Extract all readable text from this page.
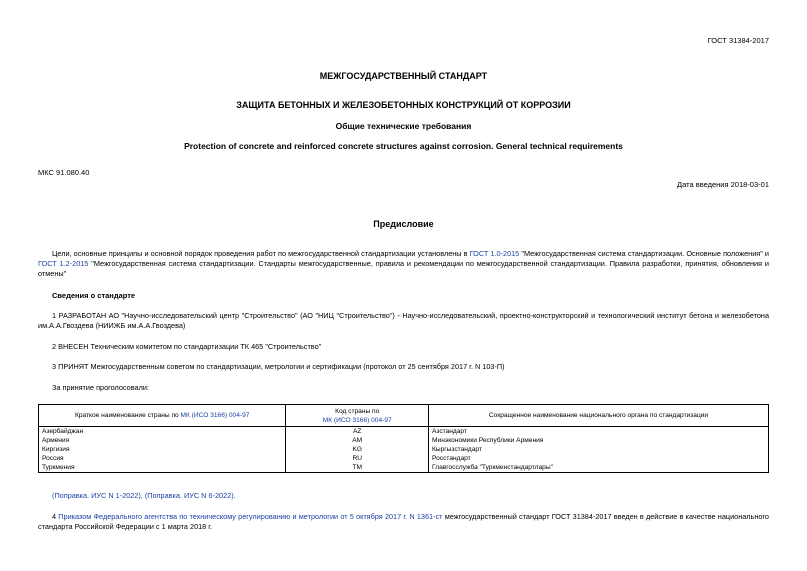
ГОСТ 31384-2017
МЕЖГОСУДАРСТВЕННЫЙ СТАНДАРТ
ЗАЩИТА БЕТОННЫХ И ЖЕЛЕЗОБЕТОННЫХ КОНСТРУКЦИЙ ОТ КОРРОЗИИ
Общие технические требования
Protection of concrete and reinforced concrete structures against corrosion. General technical requirements
МКС 91.080.40
Дата введения 2018-03-01
Предисловие
Цели, основные принципы и основной порядок проведения работ по межгосударственной стандартизации установлены в ГОСТ 1.0-2015 "Межгосударственная система стандартизации. Основные положения" и ГОСТ 1.2-2015 "Межгосударственная система стандартизации. Стандарты межгосударственные, правила и рекомендации по межгосударственной стандартизации. Правила разработки, принятия, обновления и отмены"
Сведения о стандарте
1 РАЗРАБОТАН АО "Научно-исследовательский центр "Строительство" (АО "НИЦ "Строительство") - Научно-исследовательский, проектно-конструкторский и технологический институт бетона и железобетона им.А.А.Гвоздева (НИИЖБ им.А.А.Гвоздева)
2 ВНЕСЕН Техническим комитетом по стандартизации ТК 465 "Строительство"
3 ПРИНЯТ Межгосударственным советом по стандартизации, метрологии и сертификации (протокол от 25 сентября 2017 г. N 103-П)
За принятие проголосовали:
Краткое наименование страны по МК (ИСО 3166) 004-97	Код страны по
МК (ИСО 3166) 004-97	Сокращенное наименование национального органа по стандартизации
Азербайджан	AZ	Азстандарт
Армения	AM	Минэкономики Республики Армения
Киргизия	KG	Кыргызстандарт
Россия	RU	Росстандарт
Туркмения	TM	Главгосслужба "Туркменстандартлары"
(Поправка. ИУС N 1-2022), (Поправка. ИУС N 6-2022).
4 Приказом Федерального агентства по техническому регулированию и метрологии от 5 октября 2017 г. N 1361-ст межгосударственный стандарт ГОСТ 31384-2017 введен в действие в качестве национального стандарта Российской Федерации с 1 марта 2018 г.
